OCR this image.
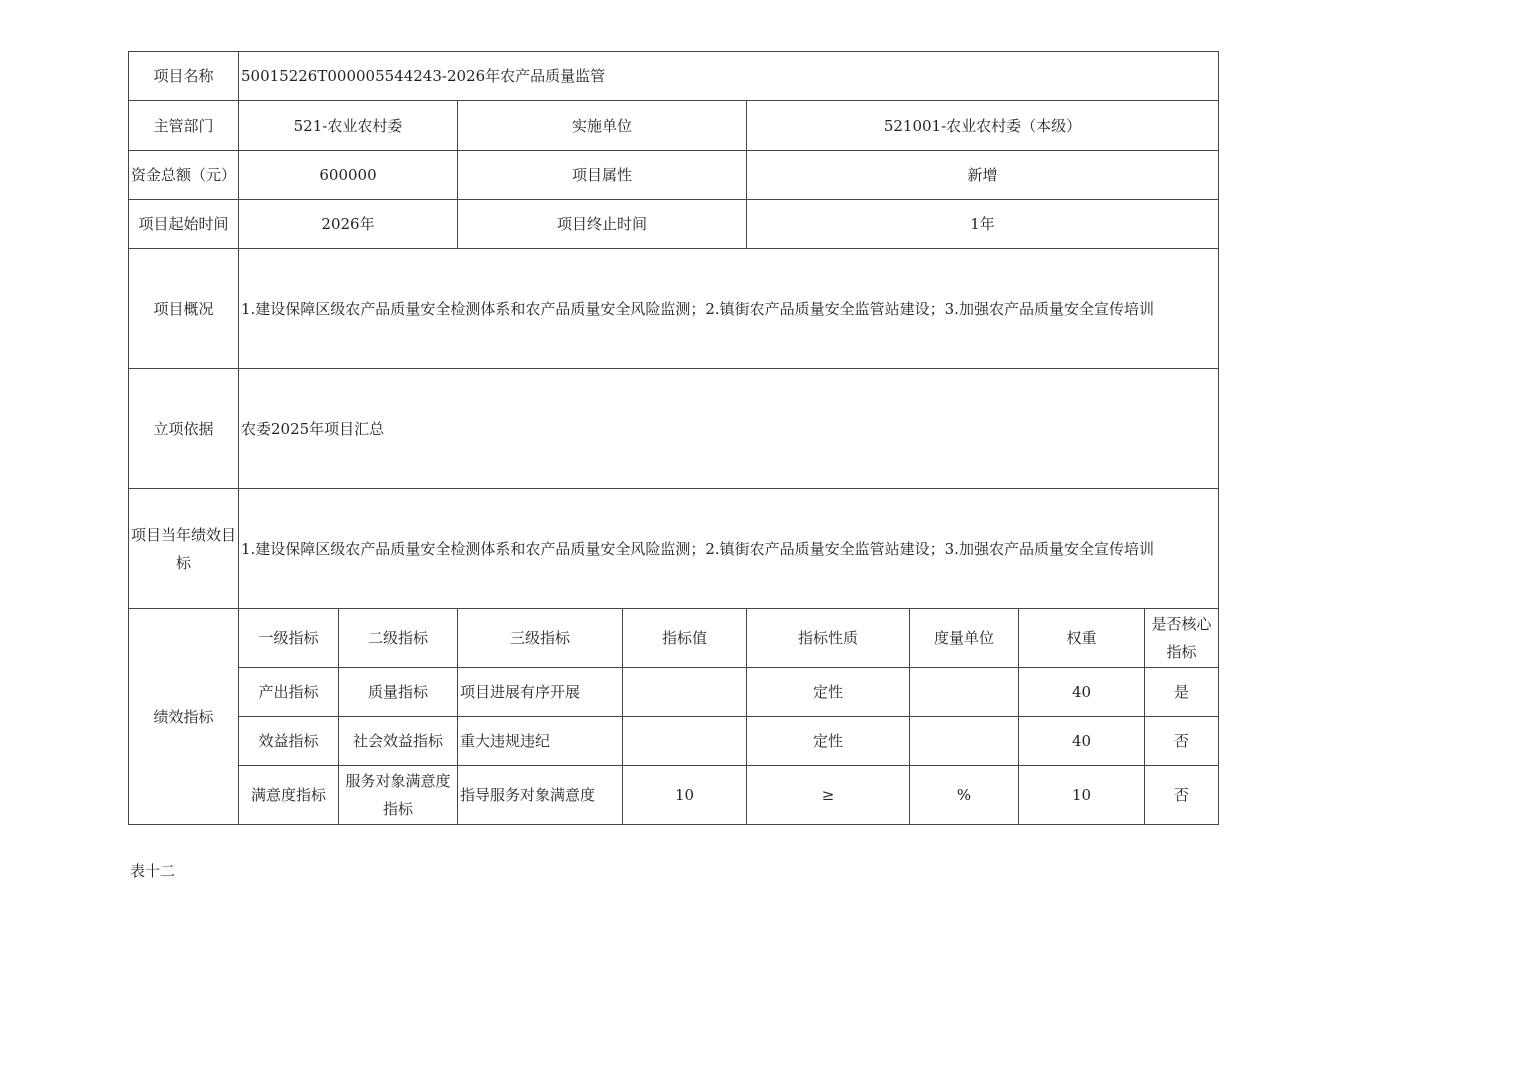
项目名称	50015226T000005544243-2026年农产品质量监管							
主管部门	521-农业农村委		实施单位		521001-农业农村委（本级）			
资金总额（元）	600000		项目属性		新增			
项目起始时间	2026年		项目终止时间		1年			
项目概况	1.建设保障区级农产品质量安全检测体系和农产品质量安全风险监测；2.镇街农产品质量安全监管站建设；3.加强农产品质量安全宣传培训							
立项依据	农委2025年项目汇总							
项目当年绩效目标	1.建设保障区级农产品质量安全检测体系和农产品质量安全风险监测；2.镇街农产品质量安全监管站建设；3.加强农产品质量安全宣传培训							
绩效指标	一级指标	二级指标	三级指标	指标值	指标性质	度量单位	权重	是否核心指标
	产出指标	质量指标	项目进展有序开展		定性		40	是
	效益指标	社会效益指标	重大违规违纪		定性		40	否
	满意度指标	服务对象满意度指标	指导服务对象满意度	10	≥	%	10	否
表十二
